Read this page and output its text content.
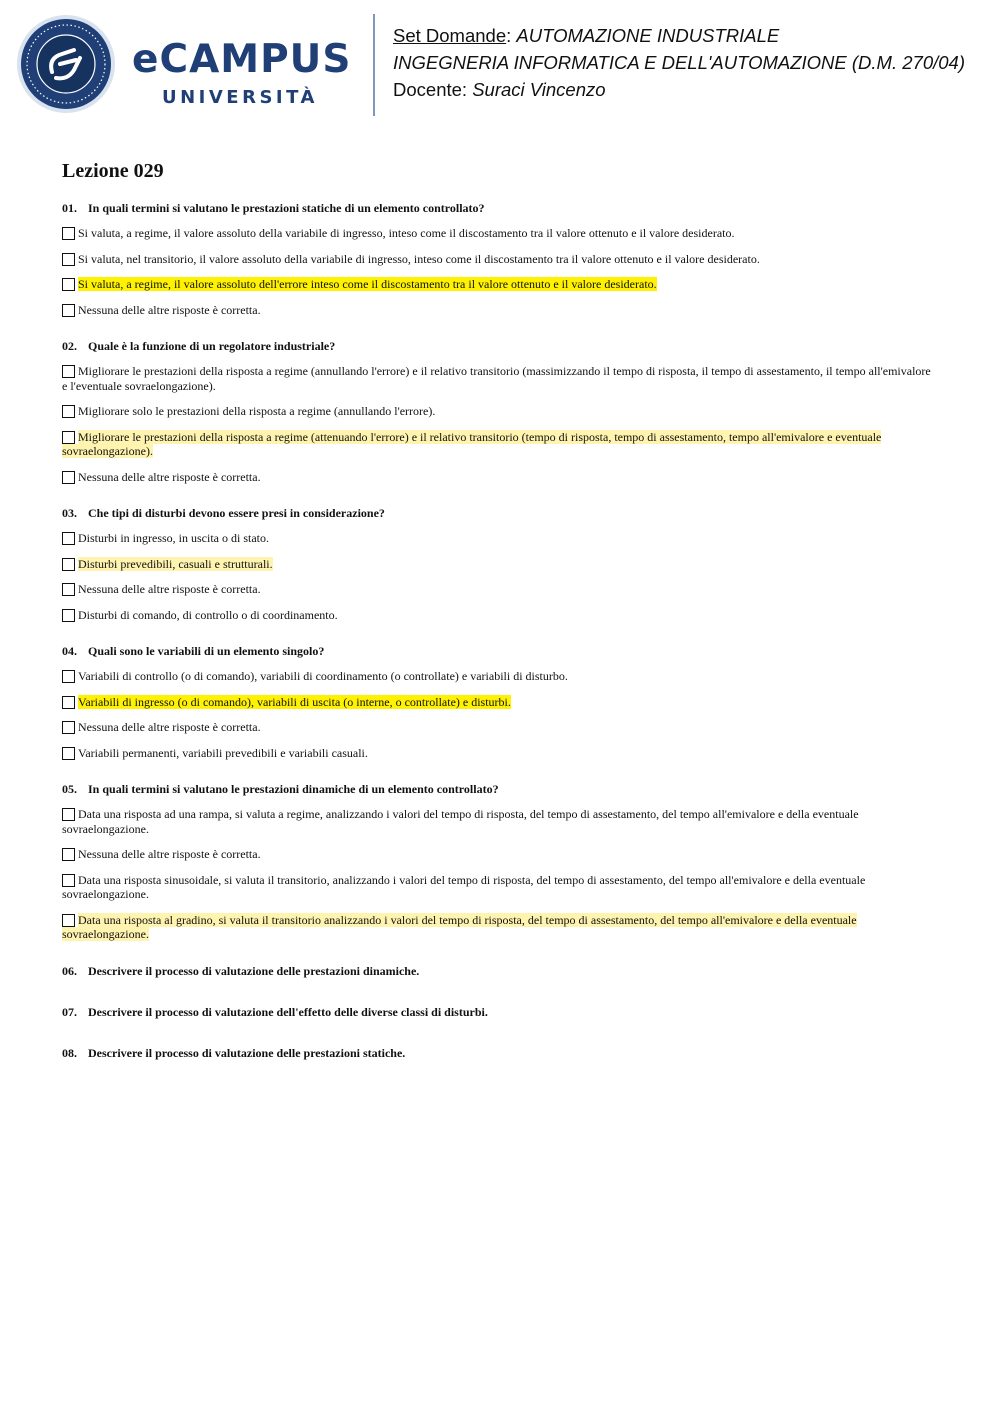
eCAMPUS
UNIVERSITÀ
Set Domande: AUTOMAZIONE INDUSTRIALE
INGEGNERIA INFORMATICA E DELL'AUTOMAZIONE (D.M. 270/04)
Docente: Suraci Vincenzo
Lezione 029
01. In quali termini si valutano le prestazioni statiche di un elemento controllato?
Si valuta, a regime, il valore assoluto della variabile di ingresso, inteso come il discostamento tra il valore ottenuto e il valore desiderato.
Si valuta, nel transitorio, il valore assoluto della variabile di ingresso, inteso come il discostamento tra il valore ottenuto e il valore desiderato.
Si valuta, a regime, il valore assoluto dell'errore inteso come il discostamento tra il valore ottenuto e il valore desiderato.
Nessuna delle altre risposte è corretta.
02. Quale è la funzione di un regolatore industriale?
Migliorare le prestazioni della risposta a regime (annullando l'errore) e il relativo transitorio (massimizzando il tempo di risposta, il tempo di assestamento, il tempo all'emivalore e l'eventuale sovraelongazione).
Migliorare solo le prestazioni della risposta a regime (annullando l'errore).
Migliorare le prestazioni della risposta a regime (attenuando l'errore) e il relativo transitorio (tempo di risposta, tempo di assestamento, tempo all'emivalore e eventuale sovraelongazione).
Nessuna delle altre risposte è corretta.
03. Che tipi di disturbi devono essere presi in considerazione?
Disturbi in ingresso, in uscita o di stato.
Disturbi prevedibili, casuali e strutturali.
Nessuna delle altre risposte è corretta.
Disturbi di comando, di controllo o di coordinamento.
04. Quali sono le variabili di un elemento singolo?
Variabili di controllo (o di comando), variabili di coordinamento (o controllate) e variabili di disturbo.
Variabili di ingresso (o di comando), variabili di uscita (o interne, o controllate) e disturbi.
Nessuna delle altre risposte è corretta.
Variabili permanenti, variabili prevedibili e variabili casuali.
05. In quali termini si valutano le prestazioni dinamiche di un elemento controllato?
Data una risposta ad una rampa, si valuta a regime, analizzando i valori del tempo di risposta, del tempo di assestamento, del tempo all'emivalore e della eventuale sovraelongazione.
Nessuna delle altre risposte è corretta.
Data una risposta sinusoidale, si valuta il transitorio, analizzando i valori del tempo di risposta, del tempo di assestamento, del tempo all'emivalore e della eventuale sovraelongazione.
Data una risposta al gradino, si valuta il transitorio analizzando i valori del tempo di risposta, del tempo di assestamento, del tempo all'emivalore e della eventuale sovraelongazione.
06. Descrivere il processo di valutazione delle prestazioni dinamiche.
07. Descrivere il processo di valutazione dell'effetto delle diverse classi di disturbi.
08. Descrivere il processo di valutazione delle prestazioni statiche.
